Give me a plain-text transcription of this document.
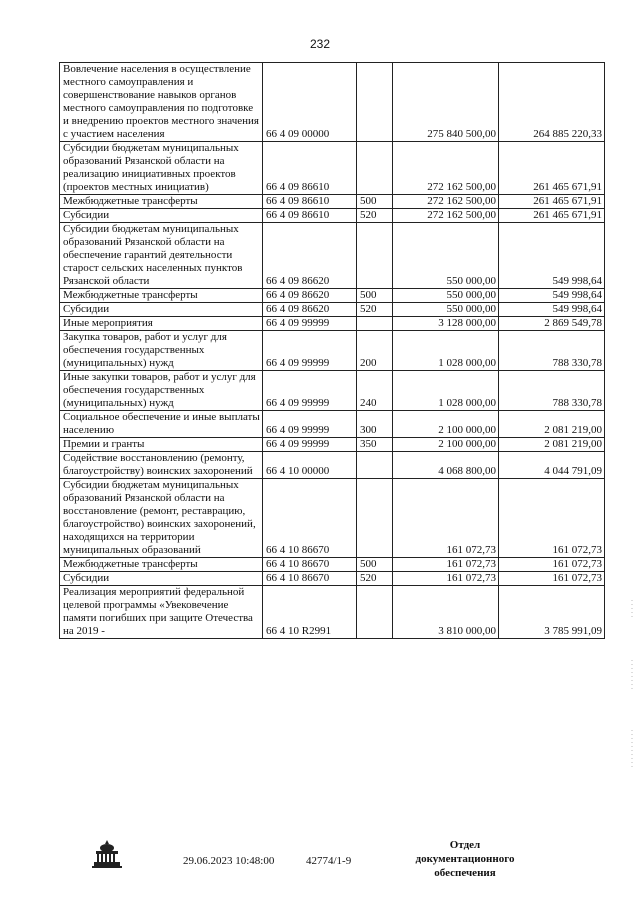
232
Вовлечение населения в осуществление местного самоуправления и совершенствование навыков органов местного самоуправления по подготовке и внедрению проектов местного значения с участием населения	66 4 09 00000		275 840 500,00	264 885 220,33
Субсидии бюджетам муниципальных образований Рязанской области на реализацию инициативных проектов (проектов местных инициатив)	66 4 09 86610		272 162 500,00	261 465 671,91
Межбюджетные трансферты	66 4 09 86610	500	272 162 500,00	261 465 671,91
Субсидии	66 4 09 86610	520	272 162 500,00	261 465 671,91
Субсидии бюджетам муниципальных образований Рязанской области на обеспечение гарантий деятельности старост сельских населенных пунктов Рязанской области	66 4 09 86620		550 000,00	549 998,64
Межбюджетные трансферты	66 4 09 86620	500	550 000,00	549 998,64
Субсидии	66 4 09 86620	520	550 000,00	549 998,64
Иные мероприятия	66 4 09 99999		3 128 000,00	2 869 549,78
Закупка товаров, работ и услуг для обеспечения государственных (муниципальных) нужд	66 4 09 99999	200	1 028 000,00	788 330,78
Иные закупки товаров, работ и услуг для обеспечения государственных (муниципальных) нужд	66 4 09 99999	240	1 028 000,00	788 330,78
Социальное обеспечение и иные выплаты населению	66 4 09 99999	300	2 100 000,00	2 081 219,00
Премии и гранты	66 4 09 99999	350	2 100 000,00	2 081 219,00
Содействие восстановлению (ремонту, благоустройству) воинских захоронений	66 4 10 00000		4 068 800,00	4 044 791,09
Субсидии бюджетам муниципальных образований Рязанской области на восстановление (ремонт, реставрацию, благоустройство) воинских захоронений, находящихся на территории муниципальных образований	66 4 10 86670		161 072,73	161 072,73
Межбюджетные трансферты	66 4 10 86670	500	161 072,73	161 072,73
Субсидии	66 4 10 86670	520	161 072,73	161 072,73
Реализация мероприятий федеральной целевой программы «Увековечение памяти погибших при защите Отечества на 2019 -	66 4 10 R2991		3 810 000,00	3 785 991,09
29.06.2023 10:48:00	42774/1-9
Отдел документационного обеспечения
